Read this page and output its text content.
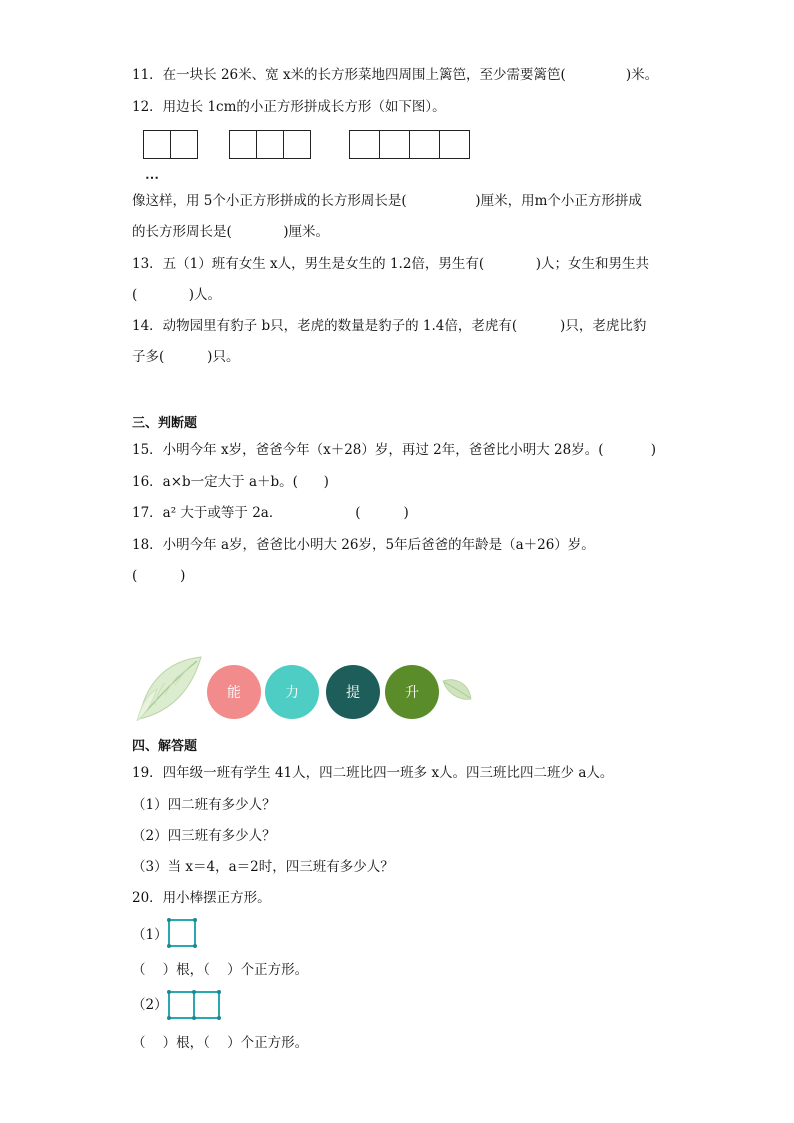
11．在一块长 26米、宽 x米的长方形菜地四周围上篱笆，至少需要篱笆(              )米。
12．用边长 1cm的小正方形拼成长方形（如下图）。
⋯
像这样，用 5个小正方形拼成的长方形周长是(                )厘米，用m个小正方形拼成
的长方形周长是(            )厘米。
13．五（1）班有女生 x人，男生是女生的 1.2倍，男生有(            )人；女生和男生共
(            )人。
14．动物园里有豹子 b只，老虎的数量是豹子的 1.4倍，老虎有(          )只，老虎比豹
子多(          )只。
三、判断题
15．小明今年 x岁，爸爸今年（x＋28）岁，再过 2年，爸爸比小明大 28岁。(           )
16．a×b一定大于 a＋b。(      )
17．a² 大于或等于 2a．                 (          )
18．小明今年 a岁，爸爸比小明大 26岁，5年后爸爸的年龄是（a＋26）岁。
(          )
能	力	提	升
四、解答题
19．四年级一班有学生 41人，四二班比四一班多 x人。四三班比四二班少 a人。
（1）四二班有多少人？
（2）四三班有多少人？
（3）当 x＝4，a＝2时，四三班有多少人？
20．用小棒摆正方形。
（1）
（    ）根，（    ）个正方形。
（2）
（    ）根，（    ）个正方形。
